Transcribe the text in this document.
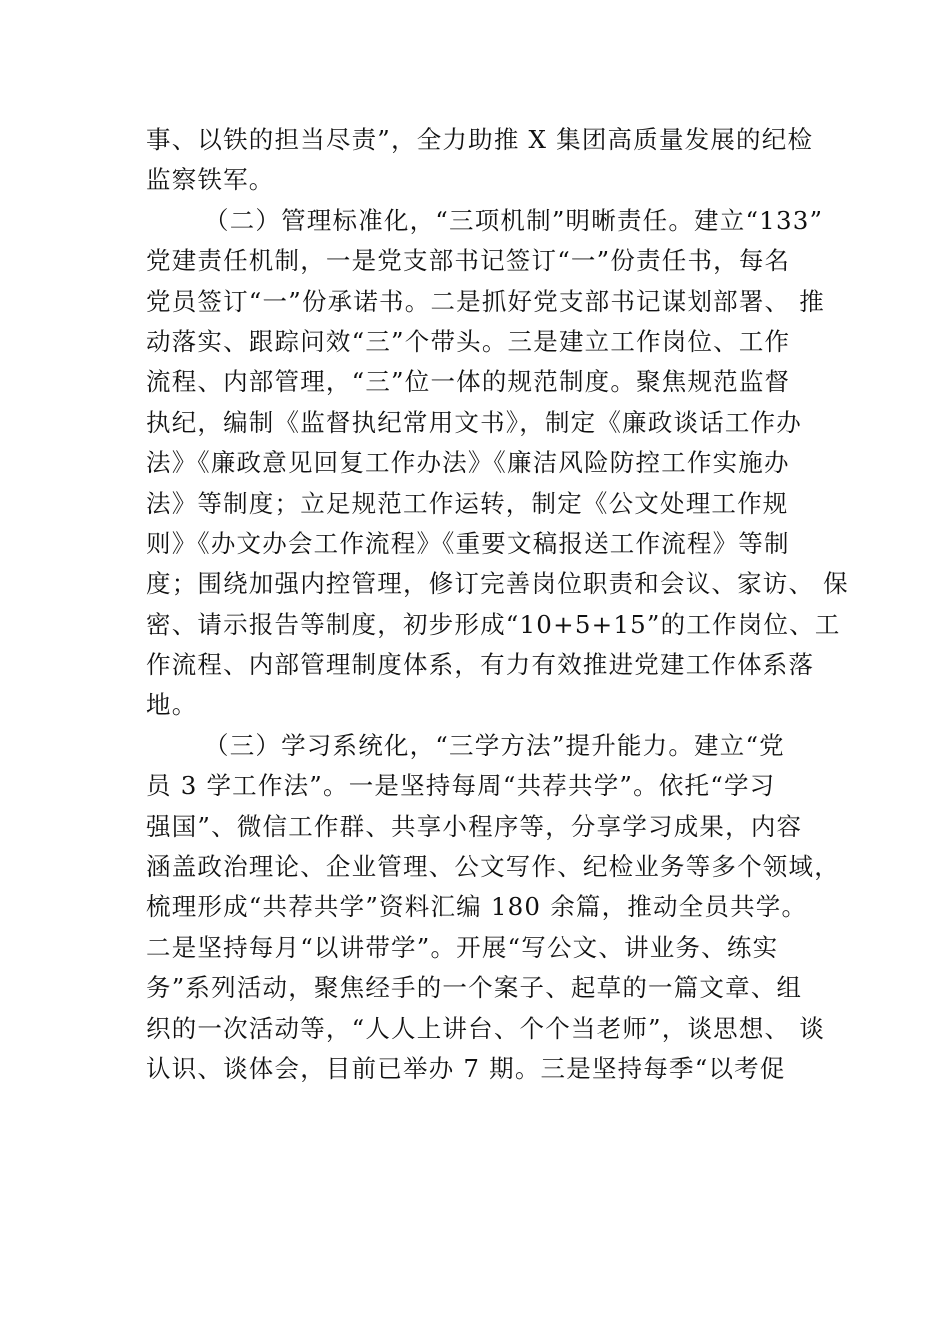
事、以铁的担当尽责”，全力助推 X 集团高质量发展的纪检
监察铁军。
（二）管理标准化，“三项机制”明晰责任。建立“133”
党建责任机制，一是党支部书记签订“一”份责任书，每名
党员签订“一”份承诺书。二是抓好党支部书记谋划部署、 推
动落实、跟踪问效“三”个带头。三是建立工作岗位、工作
流程、内部管理，“三”位一体的规范制度。聚焦规范监督
执纪，编制《监督执纪常用文书》，制定《廉政谈话工作办
法》《廉政意见回复工作办法》《廉洁风险防控工作实施办
法》等制度；立足规范工作运转，制定《公文处理工作规
则》《办文办会工作流程》《重要文稿报送工作流程》等制
度；围绕加强内控管理，修订完善岗位职责和会议、家访、 保
密、请示报告等制度，初步形成“10+5+15”的工作岗位、工
作流程、内部管理制度体系，有力有效推进党建工作体系落
地。
（三）学习系统化，“三学方法”提升能力。建立“党
员 3 学工作法”。一是坚持每周“共荐共学”。依托“学习
强国”、微信工作群、共享小程序等，分享学习成果，内容
涵盖政治理论、企业管理、公文写作、纪检业务等多个领域，
梳理形成“共荐共学”资料汇编 180 余篇，推动全员共学。
二是坚持每月“以讲带学”。开展“写公文、讲业务、练实
务”系列活动，聚焦经手的一个案子、起草的一篇文章、组
织的一次活动等，“人人上讲台、个个当老师”，谈思想、 谈
认识、谈体会，目前已举办 7 期。三是坚持每季“以考促
